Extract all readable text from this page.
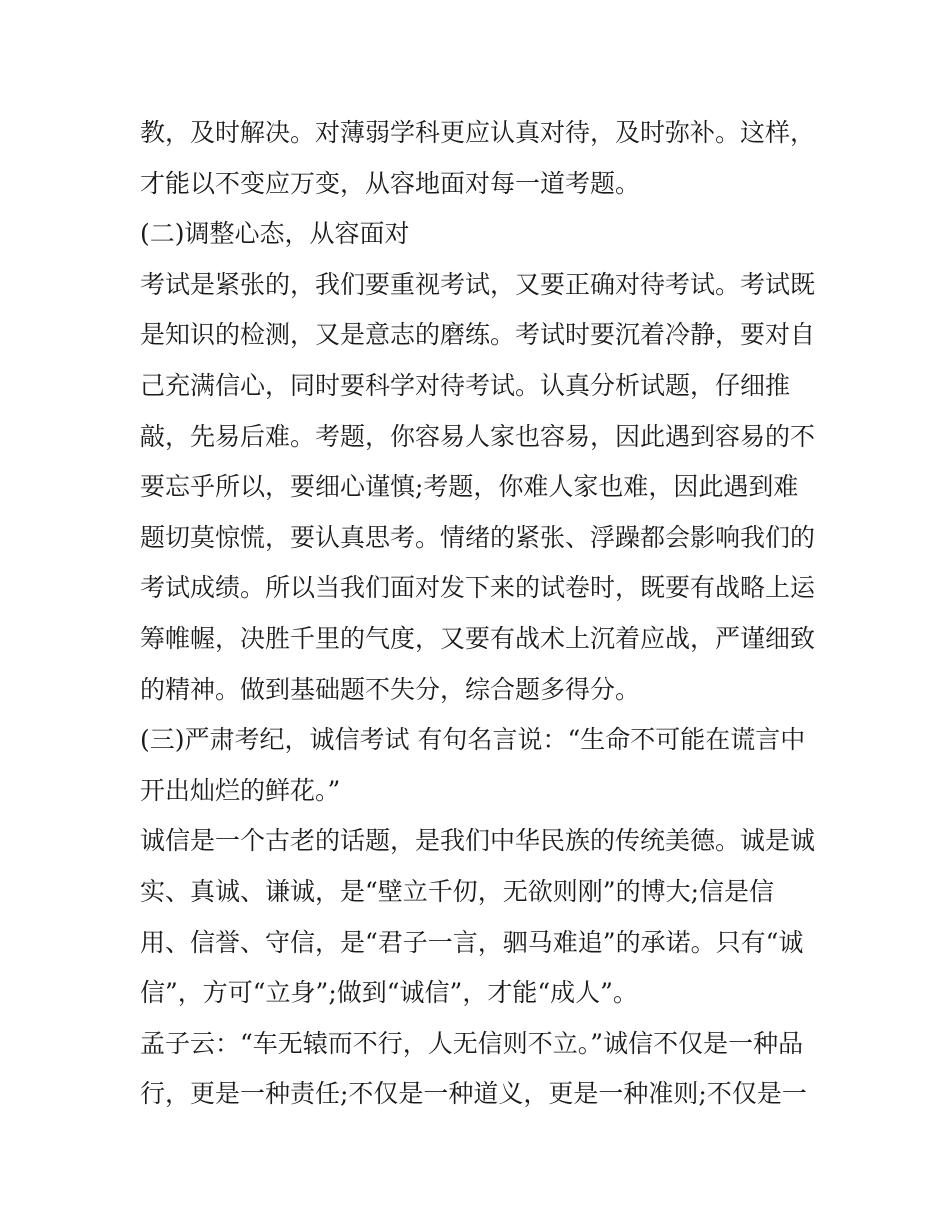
教，及时解决。对薄弱学科更应认真对待，及时弥补。这样，
才能以不变应万变，从容地面对每一道考题。
(二)调整心态，从容面对
考试是紧张的，我们要重视考试，又要正确对待考试。考试既
是知识的检测，又是意志的磨练。考试时要沉着冷静，要对自
己充满信心，同时要科学对待考试。认真分析试题，仔细推
敲，先易后难。考题，你容易人家也容易，因此遇到容易的不
要忘乎所以，要细心谨慎;考题，你难人家也难，因此遇到难
题切莫惊慌，要认真思考。情绪的紧张、浮躁都会影响我们的
考试成绩。所以当我们面对发下来的试卷时，既要有战略上运
筹帷幄，决胜千里的气度，又要有战术上沉着应战，严谨细致
的精神。做到基础题不失分，综合题多得分。
(三)严肃考纪，诚信考试 有句名言说：“生命不可能在谎言中
开出灿烂的鲜花。”
诚信是一个古老的话题，是我们中华民族的传统美德。诚是诚
实、真诚、谦诚，是“壁立千仞，无欲则刚”的博大;信是信
用、信誉、守信，是“君子一言，驷马难追”的承诺。只有“诚
信”，方可“立身”;做到“诚信”，才能“成人”。
孟子云：“车无辕而不行，人无信则不立。”诚信不仅是一种品
行，更是一种责任;不仅是一种道义，更是一种准则;不仅是一
